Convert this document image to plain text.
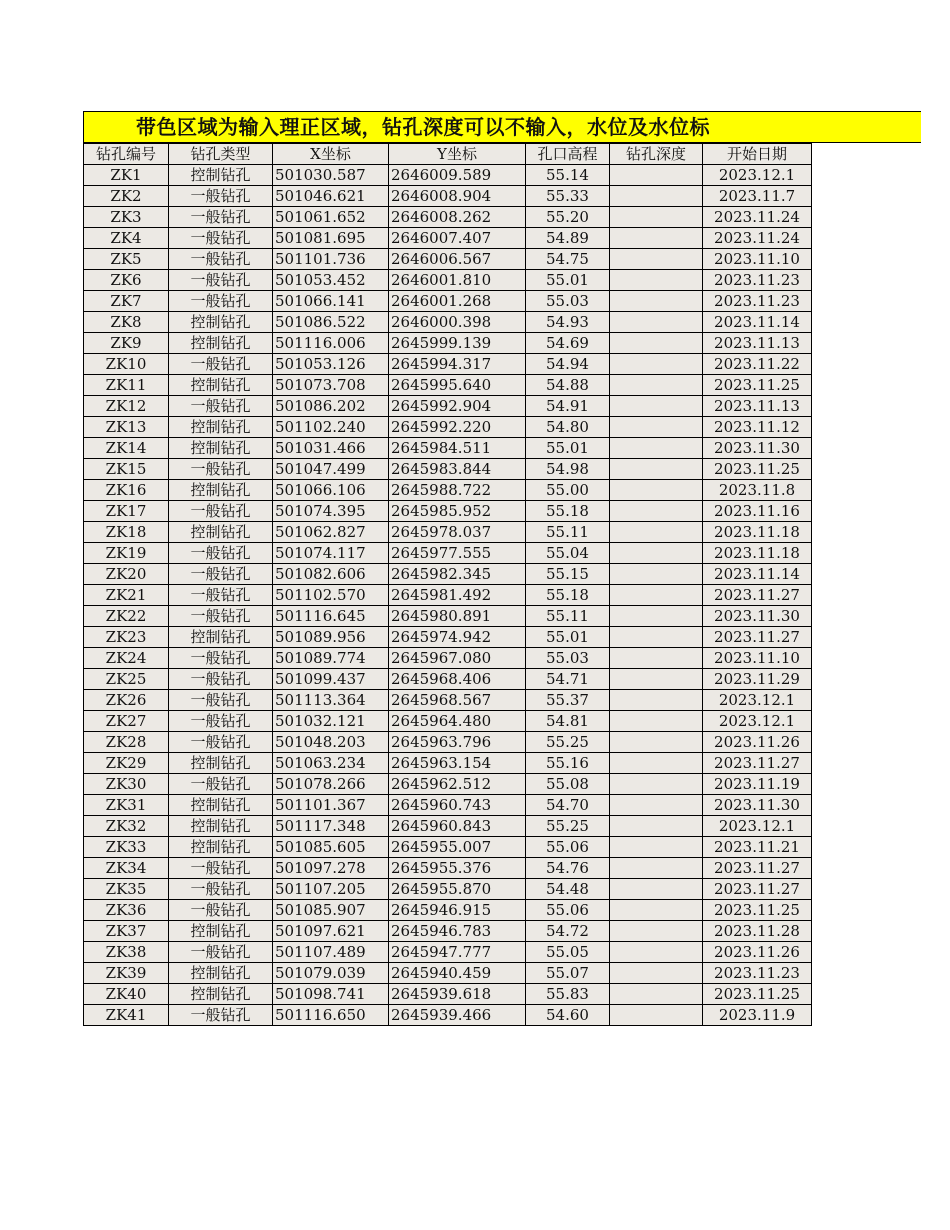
带色区域为输入理正区域，钻孔深度可以不输入，水位及水位标
钻孔编号	钻孔类型	X坐标	Y坐标	孔口高程	钻孔深度	开始日期
ZK1	控制钻孔	501030.587	2646009.589	55.14		2023.12.1
ZK2	一般钻孔	501046.621	2646008.904	55.33		2023.11.7
ZK3	一般钻孔	501061.652	2646008.262	55.20		2023.11.24
ZK4	一般钻孔	501081.695	2646007.407	54.89		2023.11.24
ZK5	一般钻孔	501101.736	2646006.567	54.75		2023.11.10
ZK6	一般钻孔	501053.452	2646001.810	55.01		2023.11.23
ZK7	一般钻孔	501066.141	2646001.268	55.03		2023.11.23
ZK8	控制钻孔	501086.522	2646000.398	54.93		2023.11.14
ZK9	控制钻孔	501116.006	2645999.139	54.69		2023.11.13
ZK10	一般钻孔	501053.126	2645994.317	54.94		2023.11.22
ZK11	控制钻孔	501073.708	2645995.640	54.88		2023.11.25
ZK12	一般钻孔	501086.202	2645992.904	54.91		2023.11.13
ZK13	控制钻孔	501102.240	2645992.220	54.80		2023.11.12
ZK14	控制钻孔	501031.466	2645984.511	55.01		2023.11.30
ZK15	一般钻孔	501047.499	2645983.844	54.98		2023.11.25
ZK16	控制钻孔	501066.106	2645988.722	55.00		2023.11.8
ZK17	一般钻孔	501074.395	2645985.952	55.18		2023.11.16
ZK18	控制钻孔	501062.827	2645978.037	55.11		2023.11.18
ZK19	一般钻孔	501074.117	2645977.555	55.04		2023.11.18
ZK20	一般钻孔	501082.606	2645982.345	55.15		2023.11.14
ZK21	一般钻孔	501102.570	2645981.492	55.18		2023.11.27
ZK22	一般钻孔	501116.645	2645980.891	55.11		2023.11.30
ZK23	控制钻孔	501089.956	2645974.942	55.01		2023.11.27
ZK24	一般钻孔	501089.774	2645967.080	55.03		2023.11.10
ZK25	一般钻孔	501099.437	2645968.406	54.71		2023.11.29
ZK26	一般钻孔	501113.364	2645968.567	55.37		2023.12.1
ZK27	一般钻孔	501032.121	2645964.480	54.81		2023.12.1
ZK28	一般钻孔	501048.203	2645963.796	55.25		2023.11.26
ZK29	控制钻孔	501063.234	2645963.154	55.16		2023.11.27
ZK30	一般钻孔	501078.266	2645962.512	55.08		2023.11.19
ZK31	控制钻孔	501101.367	2645960.743	54.70		2023.11.30
ZK32	控制钻孔	501117.348	2645960.843	55.25		2023.12.1
ZK33	控制钻孔	501085.605	2645955.007	55.06		2023.11.21
ZK34	一般钻孔	501097.278	2645955.376	54.76		2023.11.27
ZK35	一般钻孔	501107.205	2645955.870	54.48		2023.11.27
ZK36	一般钻孔	501085.907	2645946.915	55.06		2023.11.25
ZK37	控制钻孔	501097.621	2645946.783	54.72		2023.11.28
ZK38	一般钻孔	501107.489	2645947.777	55.05		2023.11.26
ZK39	控制钻孔	501079.039	2645940.459	55.07		2023.11.23
ZK40	控制钻孔	501098.741	2645939.618	55.83		2023.11.25
ZK41	一般钻孔	501116.650	2645939.466	54.60		2023.11.9
